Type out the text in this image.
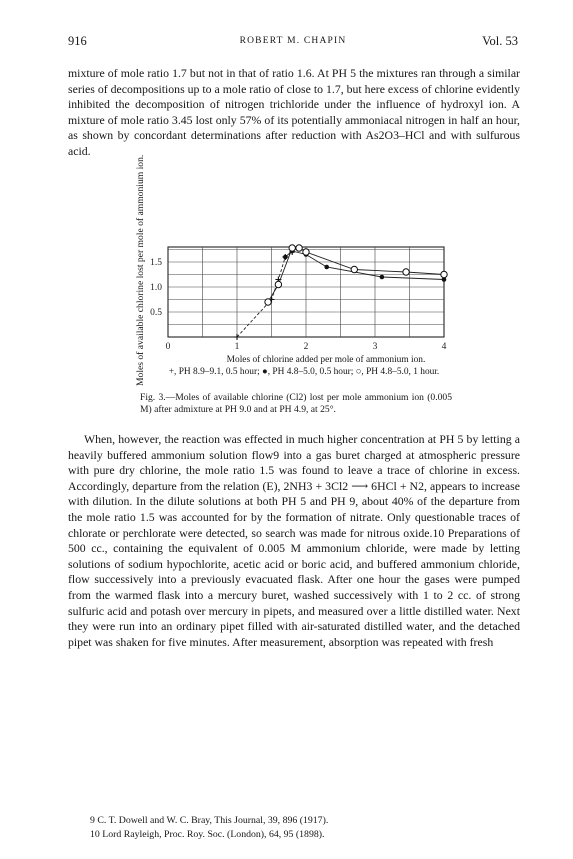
916	ROBERT M. CHAPIN	Vol. 53

mixture of mole ratio 1.7 but not in that of ratio 1.6. At PH 5 the mixtures ran through a similar series of decompositions up to a mole ratio of close to 1.7, but here excess of chlorine evidently inhibited the decomposition of nitrogen trichloride under the influence of hydroxyl ion. A mixture of mole ratio 3.45 lost only 57% of its potentially ammoniacal nitrogen in half an hour, as shown by concordant determinations after reduction with As2O3–HCl and with sulfurous acid.

0	1	2	3	4
0.5
1.0
1.5
Moles of chlorine added per mole of ammonium ion.
+, PH 8.9–9.1, 0.5 hour; ●, PH 4.8–5.0, 0.5 hour; ○, PH 4.8–5.0, 1 hour.
Fig. 3.—Moles of available chlorine (Cl2) lost per mole ammonium ion (0.005 M) after admixture at PH 9.0 and at PH 4.9, at 25°.
Moles of available chlorine lost per mole of ammonium ion.

When, however, the reaction was effected in much higher concentration at PH 5 by letting a heavily buffered ammonium solution flow9 into a gas buret charged at atmospheric pressure with pure dry chlorine, the mole ratio 1.5 was found to leave a trace of chlorine in excess. Accordingly, departure from the relation (E), 2NH3 + 3Cl2 ⟶ 6HCl + N2, appears to increase with dilution. In the dilute solutions at both PH 5 and PH 9, about 40% of the departure from the mole ratio 1.5 was accounted for by the formation of nitrate. Only questionable traces of chlorate or perchlorate were detected, so search was made for nitrous oxide.10 Preparations of 500 cc., containing the equivalent of 0.005 M ammonium chloride, were made by letting solutions of sodium hypochlorite, acetic acid or boric acid, and buffered ammonium chloride, flow successively into a previously evacuated flask. After one hour the gases were pumped from the warmed flask into a mercury buret, washed successively with 1 to 2 cc. of strong sulfuric acid and potash over mercury in pipets, and measured over a little distilled water. Next they were run into an ordinary pipet filled with air-saturated distilled water, and the detached pipet was shaken for five minutes. After measurement, absorption was repeated with fresh

9 C. T. Dowell and W. C. Bray, This Journal, 39, 896 (1917).
10 Lord Rayleigh, Proc. Roy. Soc. (London), 64, 95 (1898).
